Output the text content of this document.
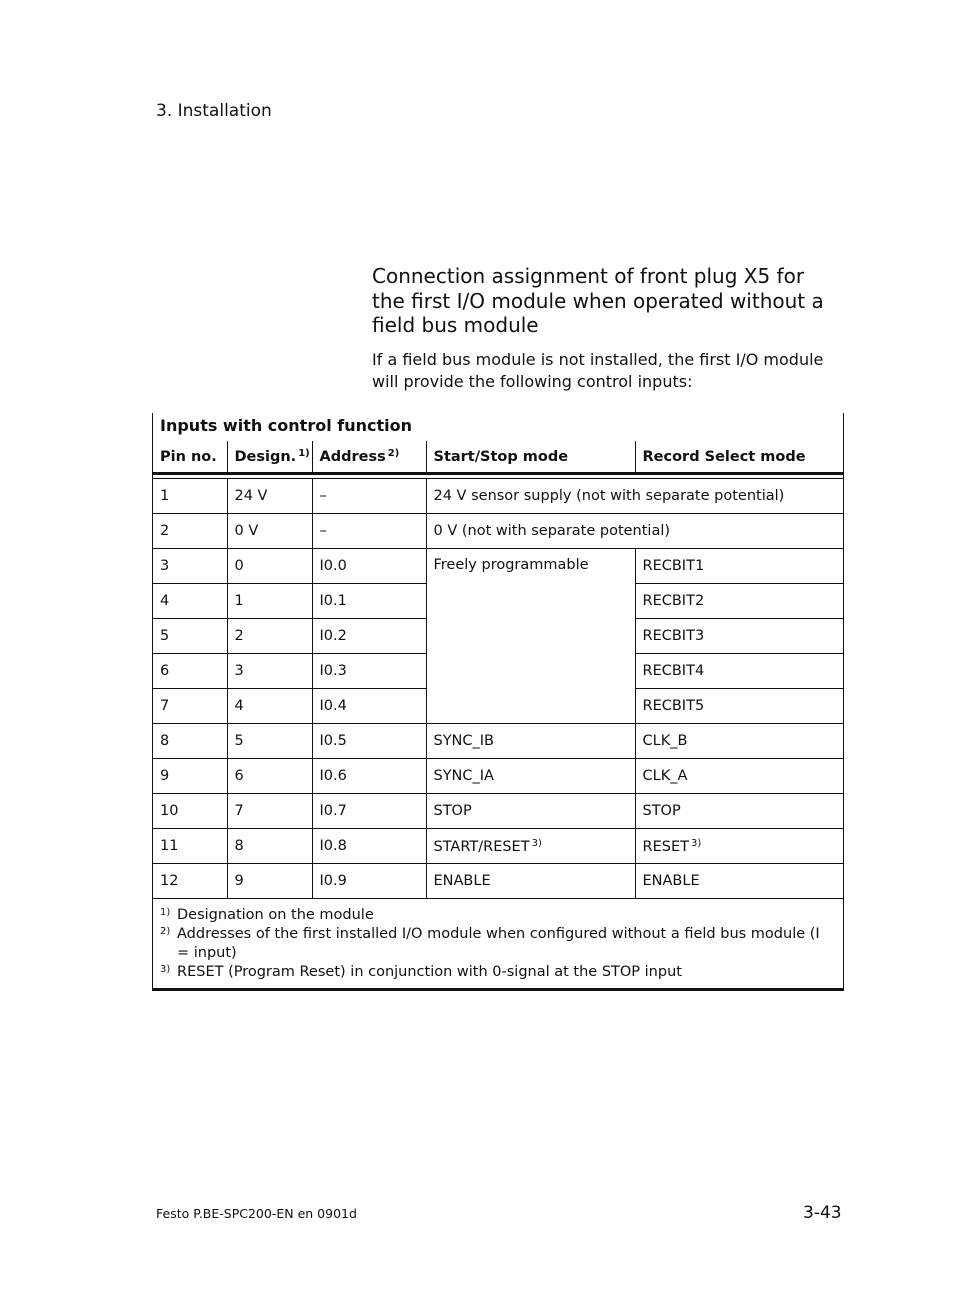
3. Installation
Connection assignment of front plug X5 for the first I/O module when operated without a field bus module

If a field bus module is not installed, the first I/O module will provide the following control inputs:

Inputs with control function
Pin no.	Design. $^{1)}$	Address $^{2)}$	Start/Stop mode	Record Select mode

1	24 V	–	24 V sensor supply (not with separate potential)	
2	0 V	–	0 V (not with separate potential)	
3	0	I0.0	Freely programmable	RECBIT1
4	1	I0.1		RECBIT2
5	2	I0.2		RECBIT3
6	3	I0.3		RECBIT4
7	4	I0.4		RECBIT5
8	5	I0.5	SYNC_IB	CLK_B
9	6	I0.6	SYNC_IA	CLK_A
10	7	I0.7	STOP	STOP
11	8	I0.8	START/RESET $^{3)}$	RESET $^{3)}$
12	9	I0.9	ENABLE	ENABLE
1) Designation on the module
2) Addresses of the first installed I/O module when configured without a field bus module (I = input)
3) RESET (Program Reset) in conjunction with 0-signal at the STOP input
Festo P.BE-SPC200-EN en 0901d	3-43
